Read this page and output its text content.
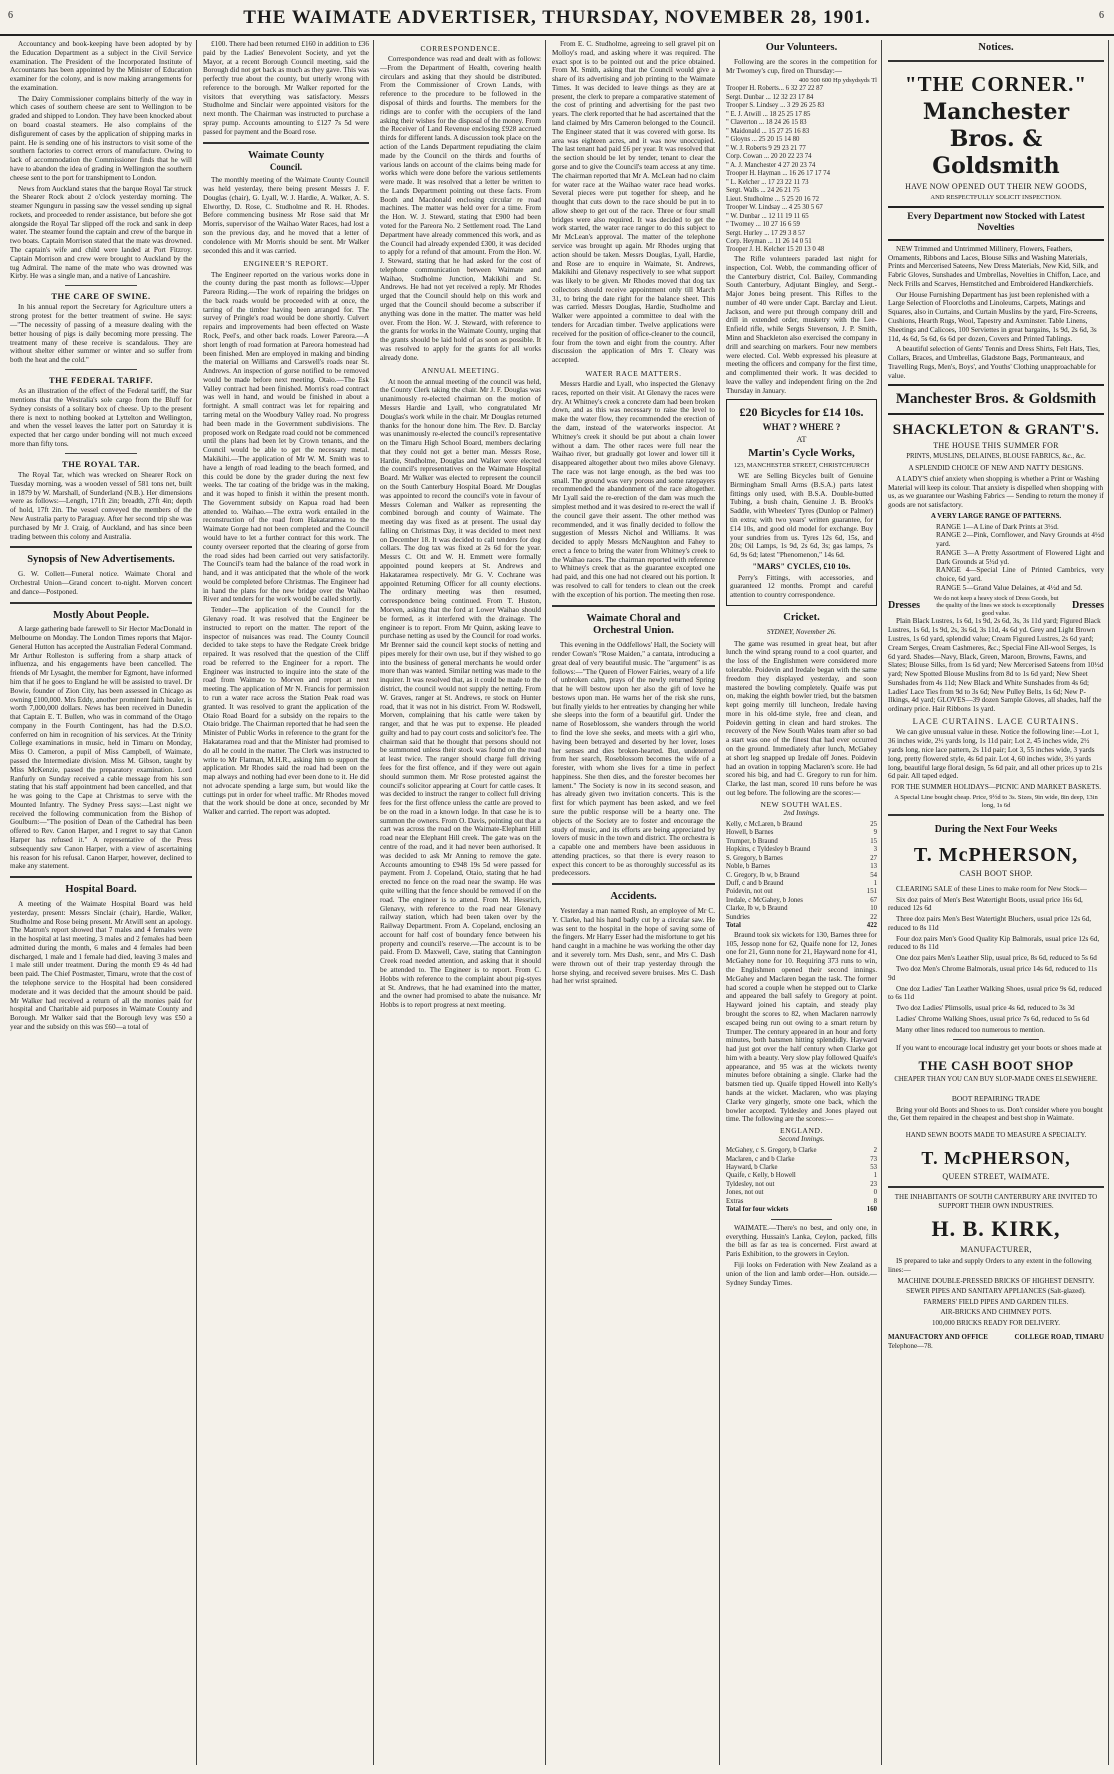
6	THE WAIMATE ADVERTISER, THURSDAY, NOVEMBER 28, 1901.	6

Accountancy and book-keeping have been adopted by by the Education Department as a subject in the Civil Service examination. The President of the Incorporated Institute of Accountants has been appointed by the Minister of Education examiner for the colony, and is now making arrangements for the examination.

The Dairy Commissioner complains bitterly of the way in which cases of southern cheese are sent to Wellington to be graded and shipped to London. They have been knocked about on board coastal steamers. He also complains of the disfigurement of cases by the application of shipping marks in paint. He is sending one of his instructors to visit some of the southern factories to correct errors of manufacture. Owing to lack of accommodation the Commissioner finds that he will have to abandon the idea of grading in Wellington the southern cheese sent to the port for transhipment to London.

News from Auckland states that the barque Royal Tar struck the Shearer Rock about 2 o'clock yesterday morning. The steamer Ngunguru in passing saw the vessel sending up signal rockets, and proceeded to render assistance, but before she got alongside the Royal Tar slipped off the rock and sank in deep water. The steamer found the captain and crew of the barque in two boats. Captain Morrison stated that the mate was drowned. The captain's wife and child were landed at Port Fitzroy. Captain Morrison and crew were brought to Auckland by the tug Admiral. The name of the mate who was drowned was Kirby. He was a single man, and a native of Lancashire.

THE CARE OF SWINE.

In his annual report the Secretary for Agriculture utters a strong protest for the better treatment of swine. He says:—"The necessity of passing of a measure dealing with the better housing of pigs is daily becoming more pressing. The treatment many of these receive is scandalous. They are without shelter either summer or winter and so suffer from both the heat and the cold."

THE FEDERAL TARIFF.

As an illustration of the effect of the Federal tariff, the Star mentions that the Westralia's sole cargo from the Bluff for Sydney consists of a solitary box of cheese. Up to the present there is next to nothing booked at Lyttelton and Wellington, and when the vessel leaves the latter port on Saturday it is expected that her cargo under bonding will not much exceed more than fifty tons.

THE ROYAL TAR.

The Royal Tar, which was wrecked on Shearer Rock on Tuesday morning, was a wooden vessel of 581 tons net, built in 1879 by W. Marshall, of Sunderland (N.B.). Her dimensions were as follows:—Length, 171ft 2in; breadth, 27ft 4in; depth of hold, 17ft 2in. The vessel conveyed the members of the New Australia party to Paraguay. After her second trip she was purchased by Mr J. Craig, of Auckland, and has since been trading between this colony and Australia.

Synopsis of New Advertisements.

G. W. Collett—Funeral notice. Waimate Choral and Orchestral Union—Grand concert to-night. Morven concert and dance—Postponed.

Mostly About People.

A large gathering bade farewell to Sir Hector MacDonald in Melbourne on Monday. The London Times reports that Major-General Hutton has accepted the Australian Federal Command. Mr Arthur Rolleston is suffering from a sharp attack of influenza, and his engagements have been cancelled. The friends of Mr Lysaght, the member for Egmont, have informed him that if he goes to England he will be assisted to travel. Dr Bowie, founder of Zion City, has been assessed in Chicago as owning £100,000. Mrs Eddy, another prominent faith healer, is worth 7,000,000 dollars. News has been received in Dunedin that Captain E. T. Bullen, who was in command of the Otago company in the Fourth Contingent, has had the D.S.O. conferred on him in recognition of his services. At the Trinity College examinations in music, held in Timaru on Monday, Miss O. Cameron, a pupil of Miss Campbell, of Waimate, passed the Intermediate division. Miss M. Gibson, taught by Miss McKenzie, passed the preparatory examination. Lord Ranfurly on Sunday received a cable message from his son stating that his staff appointment had been cancelled, and that he was going to the Cape at Christmas to serve with the Mounted Infantry. The Sydney Press says:—Last night we received the following communication from the Bishop of Goulburn:—"The position of Dean of the Cathedral has been offered to Rev. Canon Harper, and I regret to say that Canon Harper has refused it." A representative of the Press subsequently saw Canon Harper, with a view of ascertaining his reason for his refusal. Canon Harper, however, declined to make any statement.

Hospital Board.

A meeting of the Waimate Hospital Board was held yesterday, present: Messrs Sinclair (chair), Hardie, Walker, Studholme and Rose being present. Mr Atwill sent an apology. The Matron's report showed that 7 males and 4 females were in the hospital at last meeting, 3 males and 2 females had been admitted during the month, 6 males and 4 females had been discharged, 1 male and 1 female had died, leaving 3 males and 1 male still under treatment. During the month £9 4s 4d had been paid. The Chief Postmaster, Timaru, wrote that the cost of the telephone service to the Hospital had been considered moderate and it was decided that the amount should be paid. Mr Walker had received a return of all the monies paid for hospital and Charitable aid purposes in Waimate County and Borough. Mr Walker said that the Borough levy was £50 a year and the subsidy on this was £60—a total of

£100. There had been returned £160 in addition to £36 paid by the Ladies' Benevolent Society, and yet the Mayor, at a recent Borough Council meeting, said the Borough did not get back as much as they gave. This was perfectly true about the county, but utterly wrong with reference to the borough. Mr Walker reported for the visitors that everything was satisfactory. Messrs Studholme and Sinclair were appointed visitors for the next month. The Chairman was instructed to purchase a spray pump. Accounts amounting to £127 7s 5d were passed for payment and the Board rose.

Waimate County
Council.

The monthly meeting of the Waimate County Council was held yesterday, there being present Messrs J. F. Douglas (chair), G. Lyall, W. J. Hardie, A. Walker, A. S. Elworthy, D. Rose, C. Studholme and R. H. Rhodes. Before commencing business Mr Rose said that Mr Morris, supervisor of the Waihao Water Races, had lost a son the previous day, and he moved that a letter of condolence with Mr Morris should be sent. Mr Walker seconded this and it was carried.

ENGINEER'S REPORT.

The Engineer reported on the various works done in the county during the past month as follows:—Upper Pareora Riding.—The work of repairing the bridges on the back roads would be proceeded with at once, the tarring of the timber having been arranged for. The survey of Pringle's road would be done shortly. Culvert repairs and improvements had been effected on Waste Rock, Peel's, and other back roads. Lower Pareora.—A short length of road formation at Pareora homestead had been finished. Men are employed in making and binding the material on Williams and Carswell's roads near St. Andrews. An inspection of gorse notified to be removed would be made before next meeting. Otaio.—The Esk Valley contract had been finished. Morris's road contract was well in hand, and would be finished in about a fortnight. A small contract was let for repairing and tarring metal on the Woodbury Valley road. No progress had been made in the Government subdivisions. The proposed work on Redgate road could not be commenced until the plans had been let by Crown tenants, and the Council would be able to get the necessary metal. Makikihi.—The application of Mr W. M. Smith was to have a length of road leading to the beach formed, and this could be done by the grader during the next few weeks. The tar coating of the bridge was in the making, and it was hoped to finish it within the present month. The Government subsidy on Kapua road had been attended to. Waihao.—The extra work entailed in the reconstruction of the road from Hakataramea to the Waimate Gorge had not been completed and the Council would have to let a further contract for this work. The county overseer reported that the clearing of gorse from the road sides had been carried out very satisfactorily. The Council's team had the balance of the road work in hand, and it was anticipated that the whole of the work would be completed before Christmas. The Engineer had in hand the plans for the new bridge over the Waihao River and tenders for the work would be called shortly.

Tender—The application of the Council for the Glenavy road. It was resolved that the Engineer be instructed to report on the matter. The report of the inspector of nuisances was read. The County Council decided to take steps to have the Redgate Creek bridge repaired. It was resolved that the question of the Cliff road be referred to the Engineer for a report. The Engineer was instructed to inquire into the state of the road from Waimate to Morven and report at next meeting. The application of Mr N. Francis for permission to run a water race across the Station Peak road was granted. It was resolved to grant the application of the Otaio Road Board for a subsidy on the repairs to the Otaio bridge. The Chairman reported that he had seen the Minister of Public Works in reference to the grant for the Hakataramea road and that the Minister had promised to do all he could in the matter. The Clerk was instructed to write to Mr Flatman, M.H.R., asking him to support the application. Mr Rhodes said the road had been on the map always and nothing had ever been done to it. He did not advocate spending a large sum, but would like the cuttings put in order for wheel traffic. Mr Rhodes moved that the work should be done at once, seconded by Mr Walker and carried. The report was adopted.

CORRESPONDENCE.

Correspondence was read and dealt with as follows:—From the Department of Health, covering health circulars and asking that they should be distributed. From the Commissioner of Crown Lands, with reference to the procedure to be followed in the disposal of thirds and fourths. The members for the ridings are to confer with the occupiers of the land asking their wishes for the disposal of the money. From the Receiver of Land Revenue enclosing £928 accrued thirds for different lands. A discussion took place on the action of the Lands Department repudiating the claim made by the Council on the thirds and fourths of various lands on account of the claims being made for works which were done before the various settlements were made. It was resolved that a letter be written to the Lands Department pointing out these facts. From Booth and Macdonald enclosing circular re road machines. The matter was held over for a time. From the Hon. W. J. Steward, stating that £900 had been voted for the Pareora No. 2 Settlement road. The Land Department have already commenced this work, and as the Council had already expended £300, it was decided to apply for a refund of that amount. From the Hon. W. J. Steward, stating that he had asked for the cost of telephone communication between Waimate and Waihao, Studholme Junction, Makikihi and St. Andrews. He had not yet received a reply. Mr Rhodes urged that the Council should help on this work and urged that the Council should become a subscriber if anything was done in the matter. The matter was held over. From the Hon. W. J. Steward, with reference to the grants for works in the Waimate County, urging that the grants should be laid hold of as soon as possible. It was resolved to apply for the grants for all works already done.

ANNUAL MEETING.

At noon the annual meeting of the council was held, the County Clerk taking the chair. Mr J. F. Douglas was unanimously re-elected chairman on the motion of Messrs Hardie and Lyall, who congratulated Mr Douglas's work while in the chair. Mr Douglas returned thanks for the honour done him. The Rev. D. Barclay was unanimously re-elected the council's representative on the Timaru High School Board, members declaring that they could not get a better man. Messrs Rose, Hardie, Studholme, Douglas and Walker were elected the council's representatives on the Waimate Hospital Board. Mr Walker was elected to represent the council on the South Canterbury Hospital Board. Mr Douglas was appointed to record the council's vote in favour of Messrs Coleman and Walker as representing the combined borough and county of Waimate. The meeting day was fixed as at present. The usual day falling on Christmas Day, it was decided to meet next on December 18. It was decided to call tenders for dog collars. The dog tax was fixed at 2s 6d for the year. Messrs C. Ott and W. H. Emmett were formally appointed pound keepers at St. Andrews and Hakataramea respectively. Mr G. V. Cochrane was appointed Returning Officer for all county elections. The ordinary meeting was then resumed, correspondence being continued. From T. Huston, Morven, asking that the ford at Lower Waihao should be formed, as it interfered with the drainage. The engineer is to report. From Mr Quinn, asking leave to purchase netting as used by the Council for road works. Mr Brenner said the council kept stocks of netting and pipes merely for their own use, but if they wished to go into the business of general merchants he would order more than was wanted. Similar netting was made to the inquirer. It was resolved that, as it could be made to the district, the council would not supply the netting. From W. Graves, ranger at St. Andrews, re stock on Hunter road, that it was not in his district. From W. Rodswell, Morven, complaining that his cattle were taken by ranger, and that he was put to expense. He pleaded guilty and had to pay court costs and solicitor's fee. The chairman said that he thought that persons should not be summoned unless their stock was found on the road at least twice. The ranger should charge full driving fees for the first offence, and if they were out again should summon them. Mr Rose protested against the council's solicitor appearing at Court for cattle cases. It was decided to instruct the ranger to collect full driving fees for the first offence unless the cattle are proved to be on the road in a known lodge. In that case he is to summon the owners. From O. Davis, pointing out that a cart was across the road on the Waimate-Elephant Hill road near the Elephant Hill creek. The gate was on the centre of the road, and it had never been authorised. It was decided to ask Mr Anning to remove the gate. Accounts amounting to £948 19s 5d were passed for payment. From J. Copeland, Otaio, stating that he had erected no fence on the road near the swamp. He was quite willing that the fence should be removed if on the road. The engineer is to attend. From M. Hessrich, Glenavy, with reference to the road near Glenavy railway station, which had been taken over by the Railway Department. From A. Copeland, enclosing an account for half cost of boundary fence between his property and council's reserve.—The account is to be paid. From D. Maxwell, Cave, stating that Cannington Creek road needed attention, and asking that it should be attended to. The Engineer is to report. From C. Hobbs with reference to the complaint about pig-styes at St. Andrews, that he had examined into the matter, and the owner had promised to abate the nuisance. Mr Hobbs is to report progress at next meeting.

From E. C. Studholme, agreeing to sell gravel pit on Molloy's road, and asking where it was required. The exact spot is to be pointed out and the price obtained. From M. Smith, asking that the Council would give a share of its advertising and job printing to the Waimate Times. It was decided to leave things as they are at present, the clerk to prepare a comparative statement of the cost of printing and advertising for the past two years. The clerk reported that he had ascertained that the land claimed by Mrs Cameron belonged to the Council. The Engineer stated that it was covered with gorse. Its area was eighteen acres, and it was now unoccupied. The last tenant had paid £6 per year. It was resolved that the section should be let by tender, tenant to clear the gorse and to give the Council's team access at any time. The chairman reported that Mr A. McLean had no claim for water race at the Waihao water race head works. Several pieces were put together for sheep, and he thought that cuts down to the race should be put in to allow sheep to get out of the race. Three or four small bridges were also required. It was decided to get the work started, the water race ranger to do this subject to Mr McLean's approval. The matter of the telephone service was brought up again. Mr Rhodes urging that action should be taken. Messrs Douglas, Lyall, Hardie, and Rose are to enquire in Waimate, St. Andrews, Makikihi and Glenavy respectively to see what support was likely to be given. Mr Rhodes moved that dog tax collectors should receive appointment only till March 31, to bring the date right for the balance sheet. This was carried. Messrs Douglas, Hardie, Studholme and Walker were appointed a committee to deal with the tenders for Arcadian timber. Twelve applications were received for the position of office-cleaner to the council, four from the town and eight from the country. After discussion the application of Mrs T. Cleary was accepted.

WATER RACE MATTERS.

Messrs Hardie and Lyall, who inspected the Glenavy races, reported on their visit. At Glenavy the races were dry. At Whitney's creek a concrete dam had been broken down, and as this was necessary to raise the level to make the water flow, they recommended the erection of the dam, instead of the waterworks inspector. At Whitney's creek it should be put about a chain lower without a dam. The other races were full near the Waihao river, but gradually got lower and lower till it disappeared altogether about two miles above Glenavy. The race was not large enough, as the bed was too small. The ground was very porous and some ratepayers recommended the abandonment of the race altogether. Mr Lyall said the re-erection of the dam was much the simplest method and it was desired to re-erect the wall if the council gave their assent. The other method was recommended, and it was finally decided to follow the suggestion of Messrs Nichol and Williams. It was decided to apply Messrs McNaughton and Fahey to erect a fence to bring the water from Whitney's creek to the Waihao races. The chairman reported with reference to Whitney's creek that as the guarantee excepted one had paid, and this one had not cleared out his portion. It was resolved to call for tenders to clean out the creek with the exception of his portion. The meeting then rose.

Waimate Choral and
Orchestral Union.

This evening in the Oddfellows' Hall, the Society will render Cowan's "Rose Maiden," a cantata, introducing a great deal of very beautiful music. The "argument" is as follows:—"The Queen of Flower Fairies, weary of a life of unbroken calm, prays of the newly returned Spring that he will bestow upon her also the gift of love he bestows upon man. He warns her of the risk she runs, but finally yields to her entreaties by changing her while she sleeps into the form of a beautiful girl. Under the name of Roseblossom, she wanders through the world to find the love she seeks, and meets with a girl who, having been betrayed and deserted by her lover, loses her senses and dies broken-hearted. But, undeterred from her search, Roseblossom becomes the wife of a forester, with whom she lives for a time in perfect happiness. She then dies, and the forester becomes her lament." The Society is now in its second season, and has already given two invitation concerts. This is the first for which payment has been asked, and we feel sure the public response will be a hearty one. The objects of the Society are to foster and encourage the study of music, and its efforts are being appreciated by lovers of music in the town and district. The orchestra is a capable one and members have been assiduous in attending practices, so that there is every reason to expect this concert to be as thoroughly successful as its predecessors.

Accidents.

Yesterday a man named Rush, an employee of Mr C. Y. Clarke, had his hand badly cut by a circular saw. He was sent to the hospital in the hope of saving some of the fingers. Mr Harry Esser had the misfortune to get his hand caught in a machine he was working the other day and it severely torn. Mrs Dash, senr., and Mrs C. Dash were thrown out of their trap yesterday through the horse shying, and received severe bruises. Mrs C. Dash had her wrist sprained.

Our Volunteers.

Following are the scores in the competition for Mr Twomey's cup, fired on Thursday:—

400 500 600 Hp ydsydsyds Tl
Trooper H. Roberts... 6 32 27 22 87
Sergt. Dunbar ... 12 32 23 17 84
Trooper S. Lindsey ... 3 29 26 25 83
" E. J. Atwill ... 18 25 25 17 85
" Claverton ... 18 24 26 15 83
" Maidonald ... 15 27 25 16 83
" Gloyns ... 25 20 15 14 80
" W. J. Roberts 9 29 23 21 77
Corp. Cowan ... 20 20 22 23 74
" A. J. Manchester 4 27 20 23 74
Trooper H. Hayman ... 16 26 17 17 74
" L. Kelcher ... 17 23 22 11 73
Sergt. Walls ... 24 26 21 75
Lieut. Studholme ... 5 25 20 16 72
Trooper W. Lindsay ... 4 25 30 5 67
" W. Dunbar ... 12 11 19 11 65
" Twomey ... 10 27 16 6 59
Sergt. Hurley ... 17 29 3 8 57
Corp. Heyman ... 11 26 14 0 51
Trooper J. H. Kelcher 15 20 13 0 48

The Rifle volunteers paraded last night for inspection, Col. Webb, the commanding officer of the Canterbury district, Col. Bailey, Commanding South Canterbury, Adjutant Bingley, and Sergt.-Major Jones being present. This Rifles to the number of 40 were under Capt. Barclay and Lieut. Jackson, and were put through company drill and drill in extended order, musketry with the Lee-Enfield rifle, while Sergts Stevenson, J. P. Smith, Minn and Shackleton also exercised the company in drill and searching on markers. Four new members were elected. Col. Webb expressed his pleasure at meeting the officers and company for the first time, and complimented their work. It was decided to leave the valley and independent firing on the 2nd Thursday in January.

£20 Bicycles for £14 10s.
WHAT ? WHERE ?
AT
Martin's Cycle Works,
123, MANCHESTER STREET, CHRISTCHURCH

WE are Selling Bicycles built of Genuine Birmingham Small Arms (B.S.A.) parts latest fittings only used, with B.S.A. Double-butted Tubing, a bush chain, Genuine J. B. Brook's Saddle, with Wheelers' Tyres (Dunlop or Palmer) tin extra; with two years' written guarantee, for £14 10s, and good old model for exchange. Buy your sundries from us. Tyres 12s 6d, 15s, and 20s; Oil Lamps, 1s 9d, 2s 6d, 3s; gas lamps, 7s 6d, 9s 6d; latest "Phenomenon," 14s 6d.

"MARS" CYCLES, £10 10s.

Perry's Fittings, with accessories, and guaranteed 12 months. Prompt and careful attention to country correspondence.

Cricket.
SYDNEY, November 26.

The game was resumed in great heat, but after lunch the wind sprang round to a cool quarter, and the loss of the Englishmen were considered more tolerable. Poidevin and Iredale began with the same freedom they displayed yesterday, and soon mastered the bowling completely. Quaife was put on, making the eighth bowler tried, but the batsmen kept going merrily till luncheon, Iredale having more in his old-time style, free and clean, and Poidevin getting in clean and hard strokes. The recovery of the New South Wales team after so bad a start was one of the finest that had ever occurred on the ground. Immediately after lunch, McGahey at short leg snapped up Iredale off Jones. Poidevin had an ovation in topping Maclaren's score. He had scored his big, and had C. Gregory to run for him. Clarke, the last man, scored 10 runs before he was out leg before. The following are the scores:—

NEW SOUTH WALES.
2nd Innings.
Kelly, c McLaren, b Braund	25
Howell, b Barnes	9
Trumper, b Braund	15
Hopkins, c Tyldesley b Braund	3
S. Gregory, b Barnes	27
Noble, b Barnes	13
C. Gregory, lb w, b Braund	54
Duff, c and b Braund	1
Poidevin, not out	151
Iredale, c McGahey, b Jones	67
Clarke, lb w, b Braund	10
Sundries	22
Total	422

Braund took six wickets for 130, Barnes three for 105, Jessop none for 62, Quaife none for 12, Jones one for 21, Gunn none for 21, Hayward none for 41, McGahey none for 10. Requiring 373 runs to win, the Englishmen opened their second innings. McGahey and Maclaren began the task. The former had scored a couple when he stepped out to Clarke and appeared the ball safely to Gregory at point. Hayward joined his captain, and steady play brought the scores to 82, when Maclaren narrowly escaped being run out owing to a smart return by Trumper. The century appeared in an hour and forty minutes, both batsmen hitting splendidly. Hayward had just got over the half century when Clarke got him with a beauty. Very slow play followed Quaife's appearance, and 95 was at the wickets twenty minutes before obtaining a single. Clarke had the batsmen tied up. Quaife tipped Howell into Kelly's hands at the wicket. Maclaren, who was playing Clarke very gingerly, smote one back, which the bowler accepted. Tyldesley and Jones played out time. The following are the scores:—

ENGLAND.
Second Innings.
McGahey, c S. Gregory, b Clarke	2
Maclaren, c and b Clarke	73
Hayward, b Clarke	53
Quaife, c Kelly, b Howell	1
Tyldesley, not out	23
Jones, not out	0
Extras	8
Total for four wickets	160

WAIMATE.—There's no best, and only one, in everything. Hussain's Lanka, Ceylon, packed, fills the bill as far as tea is concerned. First award at Paris Exhibition, to the growers in Ceylon.

Fiji looks on Federation with New Zealand as a union of the lion and lamb order—Hon. outside.—Sydney Sunday Times.

Notices.
"THE CORNER."
Manchester Bros. & Goldsmith
HAVE NOW OPENED OUT THEIR NEW GOODS,
AND RESPECTFULLY SOLICIT INSPECTION.
Every Department now Stocked with Latest Novelties

NEW Trimmed and Untrimmed Millinery, Flowers, Feathers, Ornaments, Ribbons and Laces, Blouse Silks and Washing Materials, Prints and Mercerised Sateens, New Dress Materials, New Kid, Silk, and Fabric Gloves, Sunshades and Umbrellas, Novelties in Chiffon, Lace, and Neck Frills and Scarves, Hemstitched and Embroidered Handkerchiefs.

Our House Furnishing Department has just been replenished with a Large Selection of Floorcloths and Linoleums, Carpets, Matings and Squares, also in Curtains, and Curtain Muslins by the yard, Fire-Screens, Cushions, Hearth Rugs, Wool, Tapestry and Axminster. Table Linens, Sheetings and Calicoes, 100 Serviettes in great bargains, 1s 9d, 2s 6d, 3s 11d, 4s 6d, 5s 6d, 6s 6d per dozen, Covers and Printed Tablings.

A beautiful selection of Gents' Tennis and Dress Shirts, Felt Hats, Ties, Collars, Braces, and Umbrellas, Gladstone Bags, Portmanteaux, and Travelling Rugs, Men's, Boys', and Youths' Clothing unapproachable for value.

Manchester Bros. & Goldsmith
SHACKLETON & GRANT'S.
THE HOUSE THIS SUMMER FOR
PRINTS, MUSLINS, DELAINES, BLOUSE FABRICS, &c., &c.
A SPLENDID CHOICE OF NEW AND NATTY DESIGNS.

A LADY'S chief anxiety when shopping is whether a Print or Washing Material will keep its colour. That anxiety is dispelled when shopping with us, as we guarantee our Washing Fabrics — Sending to return the money if goods are not satisfactory.

A VERY LARGE RANGE OF PATTERNS.
RANGE 1—A Line of Dark Prints at 3½d.
RANGE 2—Pink, Cornflower, and Navy Grounds at 4½d yard.
RANGE 3—A Pretty Assortment of Flowered Light and Dark Grounds at 5½d yd.
RANGE 4—Special Line of Printed Cambrics, very choice, 6d yard.
RANGE 5—Grand Value Delaines, at 4½d and 5d.
Dresses
We do not keep a heavy stock of Dress Goods, but the quality of the lines we stock is exceptionally good value.
Dresses

Plain Black Lustres, 1s 6d, 1s 9d, 2s 6d, 3s, 3s 11d yard; Figured Black Lustres, 1s 6d, 1s 9d, 2s, 3s 6d, 3s 11d, 4s 6d yd. Grey and Light Brown Lustres, 1s 6d yard, splendid value; Cream Figured Lustres, 2s 6d yard; Cream Serges, Cream Cashmeres, &c.; Special Fine All-wool Serges, 1s 6d yard. Shades—Navy, Black, Green, Maroon, Browns, Fawns, and Slates; Blouse Silks, from 1s 6d yard; New Mercerised Sateens from 10½d yard; New Spotted Blouse Muslins from 8d to 1s 6d yard; New Sheet Sunshades from 4s 11d; New Black and White Sunshades from 4s 6d; Ladies' Lace Ties from 9d to 3s 6d; New Pulley Belts, 1s 6d; New P-Ilkings, 4d yard; GLOVES—39 dozen Sample Gloves, all shades, half the ordinary price. Hair Ribbons 1s yard.

LACE CURTAINS. LACE CURTAINS.

We can give unusual value in these. Notice the following line:—Lot 1, 36 inches wide, 2½ yards long, 1s 11d pair; Lot 2, 45 inches wide, 2½ yards long, nice lace pattern, 2s 11d pair; Lot 3, 55 inches wide, 3 yards long, pretty flowered style, 4s 6d pair. Lot 4, 60 inches wide, 3½ yards long, beautiful large floral design, 5s 6d pair, and all other prices up to 21s 6d pair. All taped edged.

FOR THE SUMMER HOLIDAYS—PICNIC AND MARKET BASKETS.
A Special Line bought cheap. Price, 9½d to 3s. Sizes, 9in wide, 8in deep, 13in long, 1s 6d
During the Next Four Weeks
T. McPHERSON,
CASH BOOT SHOP.

CLEARING SALE of these Lines to make room for New Stock—

Six doz pairs of Men's Best Watertight Boots, usual price 16s 6d, reduced 12s 6d
Three doz pairs Men's Best Watertight Bluchers, usual price 12s 6d, reduced to 8s 11d
Four doz pairs Men's Good Quality Kip Balmorals, usual price 12s 6d, reduced to 8s 11d
One doz pairs Men's Leather Slip, usual price, 8s 6d, reduced to 5s 6d
Two doz Men's Chrome Balmorals, usual price 14s 6d, reduced to 11s 9d
One doz Ladies' Tan Leather Walking Shoes, usual price 9s 6d, reduced to 6s 11d
Two doz Ladies' Plimsolls, usual price 4s 6d, reduced to 3s 3d
Ladies' Chrome Walking Shoes, usual price 7s 6d, reduced to 5s 6d
Many other lines reduced too numerous to mention.

If you want to encourage local industry get your boots or shoes made at

THE CASH BOOT SHOP
CHEAPER THAN YOU CAN BUY SLOP-MADE ONES ELSEWHERE.
BOOT REPAIRING TRADE

Bring your old Boots and Shoes to us. Don't consider where you bought the, Get them repaired in the cheapest and best shop in Waimate.

HAND SEWN BOOTS MADE TO MEASURE A SPECIALTY.
T. McPHERSON,
QUEEN STREET, WAIMATE.
THE INHABITANTS OF SOUTH CANTERBURY ARE INVITED TO SUPPORT THEIR OWN INDUSTRIES.
H. B. KIRK,
MANUFACTURER,

IS prepared to take and supply Orders to any extent in the following lines:—

MACHINE DOUBLE-PRESSED BRICKS OF HIGHEST DENSITY.
SEWER PIPES AND SANITARY APPLIANCES (Salt-glazed).
FARMERS' FIELD PIPES AND GARDEN TILES.
AIR-BRICKS AND CHIMNEY POTS.
100,000 BRICKS READY FOR DELIVERY.
MANUFACTORY AND OFFICE	COLLEGE ROAD, TIMARU
Telephone—78.
